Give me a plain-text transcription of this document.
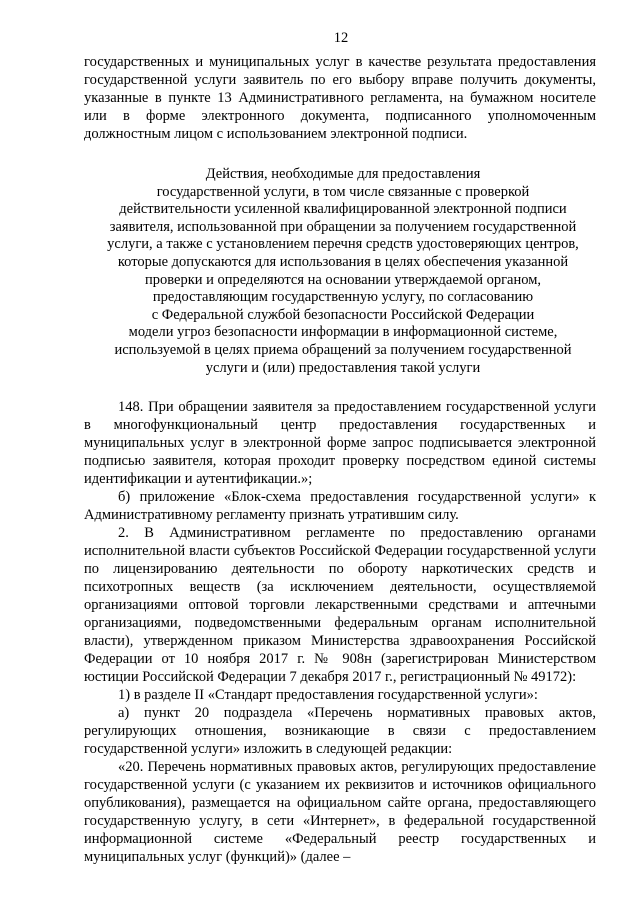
12

государственных и муниципальных услуг в качестве результата предоставления государственной услуги заявитель по его выбору вправе получить документы, указанные в пункте 13 Административного регламента, на бумажном носителе или в форме электронного документа, подписанного уполномоченным должностным лицом с использованием электронной подписи.

Действия, необходимые для предоставления
государственной услуги, в том числе связанные с проверкой
действительности усиленной квалифицированной электронной подписи
заявителя, использованной при обращении за получением государственной
услуги, а также с установлением перечня средств удостоверяющих центров,
которые допускаются для использования в целях обеспечения указанной
проверки и определяются на основании утверждаемой органом,
предоставляющим государственную услугу, по согласованию
с Федеральной службой безопасности Российской Федерации
модели угроз безопасности информации в информационной системе,
используемой в целях приема обращений за получением государственной
услуги и (или) предоставления такой услуги

148. При обращении заявителя за предоставлением государственной услуги в многофункциональный центр предоставления государственных и муниципальных услуг в электронной форме запрос подписывается электронной подписью заявителя, которая проходит проверку посредством единой системы идентификации и аутентификации.»;

б) приложение «Блок-схема предоставления государственной услуги» к Административному регламенту признать утратившим силу.

2. В Административном регламенте по предоставлению органами исполнительной власти субъектов Российской Федерации государственной услуги по лицензированию деятельности по обороту наркотических средств и психотропных веществ (за исключением деятельности, осуществляемой организациями оптовой торговли лекарственными средствами и аптечными организациями, подведомственными федеральным органам исполнительной власти), утвержденном приказом Министерства здравоохранения Российской Федерации от 10 ноября 2017 г. № 908н (зарегистрирован Министерством юстиции Российской Федерации 7 декабря 2017 г., регистрационный № 49172):

1) в разделе II «Стандарт предоставления государственной услуги»:

а) пункт 20 подраздела «Перечень нормативных правовых актов, регулирующих отношения, возникающие в связи с предоставлением государственной услуги» изложить в следующей редакции:

«20. Перечень нормативных правовых актов, регулирующих предоставление государственной услуги (с указанием их реквизитов и источников официального опубликования), размещается на официальном сайте органа, предоставляющего государственную услугу, в сети «Интернет», в федеральной государственной информационной системе «Федеральный реестр государственных и муниципальных услуг (функций)» (далее –
